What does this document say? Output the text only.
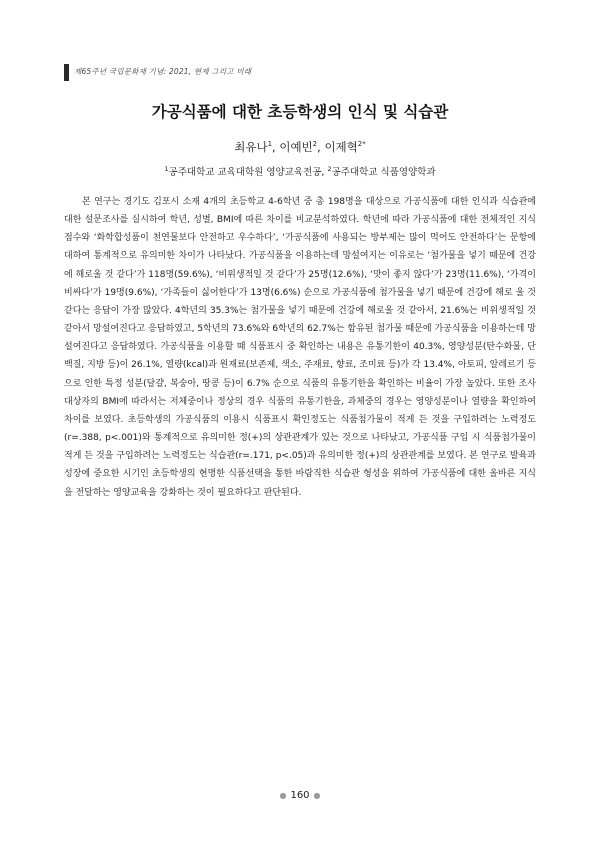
제65주년 국립문화재 기념: 2021, 현재 그리고 미래
가공식품에 대한 초등학생의 인식 및 식습관
최유나$^1$, 이예빈$^2$, 이제혁$^{2*}$
$^1$공주대학교 교육대학원 영양교육전공, $^2$공주대학교 식품영양학과

본 연구는 경기도 김포시 소재 4개의 초등학교 4-6학년 중 총 198명을 대상으로 가공식품에 대한 인식과 식습관에 대한 설문조사를 실시하여 학년, 성별, BMI에 따른 차이를 비교분석하였다. 학년에 따라 가공식품에 대한 전체적인 지식점수와 ‘화학합성품이 천연물보다 안전하고 우수하다’, ‘가공식품에 사용되는 방부제는 많이 먹어도 안전하다’는 문항에 대하여 통계적으로 유의미한 차이가 나타났다. 가공식품을 이용하는데 망설여지는 이유로는 ‘첨가물을 넣기 때문에 건강에 해로울 것 같다’가 118명(59.6%), ‘비위생적일 것 같다’가 25명(12.6%), ‘맛이 좋지 않다’가 23명(11.6%), ‘가격이 비싸다’가 19명(9.6%), ‘가족들이 싫어한다’가 13명(6.6%) 순으로 가공식품에 첨가물을 넣기 때문에 건강에 해로 울 것 같다는 응답이 가장 많았다. 4학년의 35.3%는 첨가물을 넣기 때문에 건강에 해로울 것 같아서, 21.6%는 비위생적일 것 같아서 망설여진다고 응답하였고, 5학년의 73.6%와 6학년의 62.7%는 함유된 첨가물 때문에 가공식품을 이용하는데 망설여진다고 응답하였다. 가공식품을 이용할 때 식품표시 중 확인하는 내용은 유통기한이 40.3%, 영양성분(탄수화물, 단백질, 지방 등)이 26.1%, 열량(kcal)과 원재료(보존제, 색소, 주재료, 향료, 조미료 등)가 각 13.4%, 아토피, 알레르기 등으로 인한 특정 성분(달걀, 복숭아, 땅콩 등)이 6.7% 순으로 식품의 유통기한을 확인하는 비율이 가장 높았다. 또한 조사대상자의 BMI에 따라서는 저체중이나 정상의 경우 식품의 유통기한을, 과체중의 경우는 영양성분이나 열량을 확인하여 차이를 보였다. 초등학생의 가공식품의 이용시 식품표시 확인정도는 식품첨가물이 적게 든 것을 구입하려는 노력정도(r=.388, p<.001)와 통계적으로 유의미한 정(+)의 상관관계가 있는 것으로 나타났고, 가공식품 구입 시 식품첨가물이 적게 든 것을 구입하려는 노력정도는 식습관(r=.171, p<.05)과 유의미한 정(+)의 상관관계를 보였다. 본 연구로 발육과 성장에 중요한 시기인 초등학생의 현명한 식품선택을 통한 바람직한 식습관 형성을 위하여 가공식품에 대한 올바른 지식을 전달하는 영양교육을 강화하는 것이 필요하다고 판단된다.

● 160 ●
